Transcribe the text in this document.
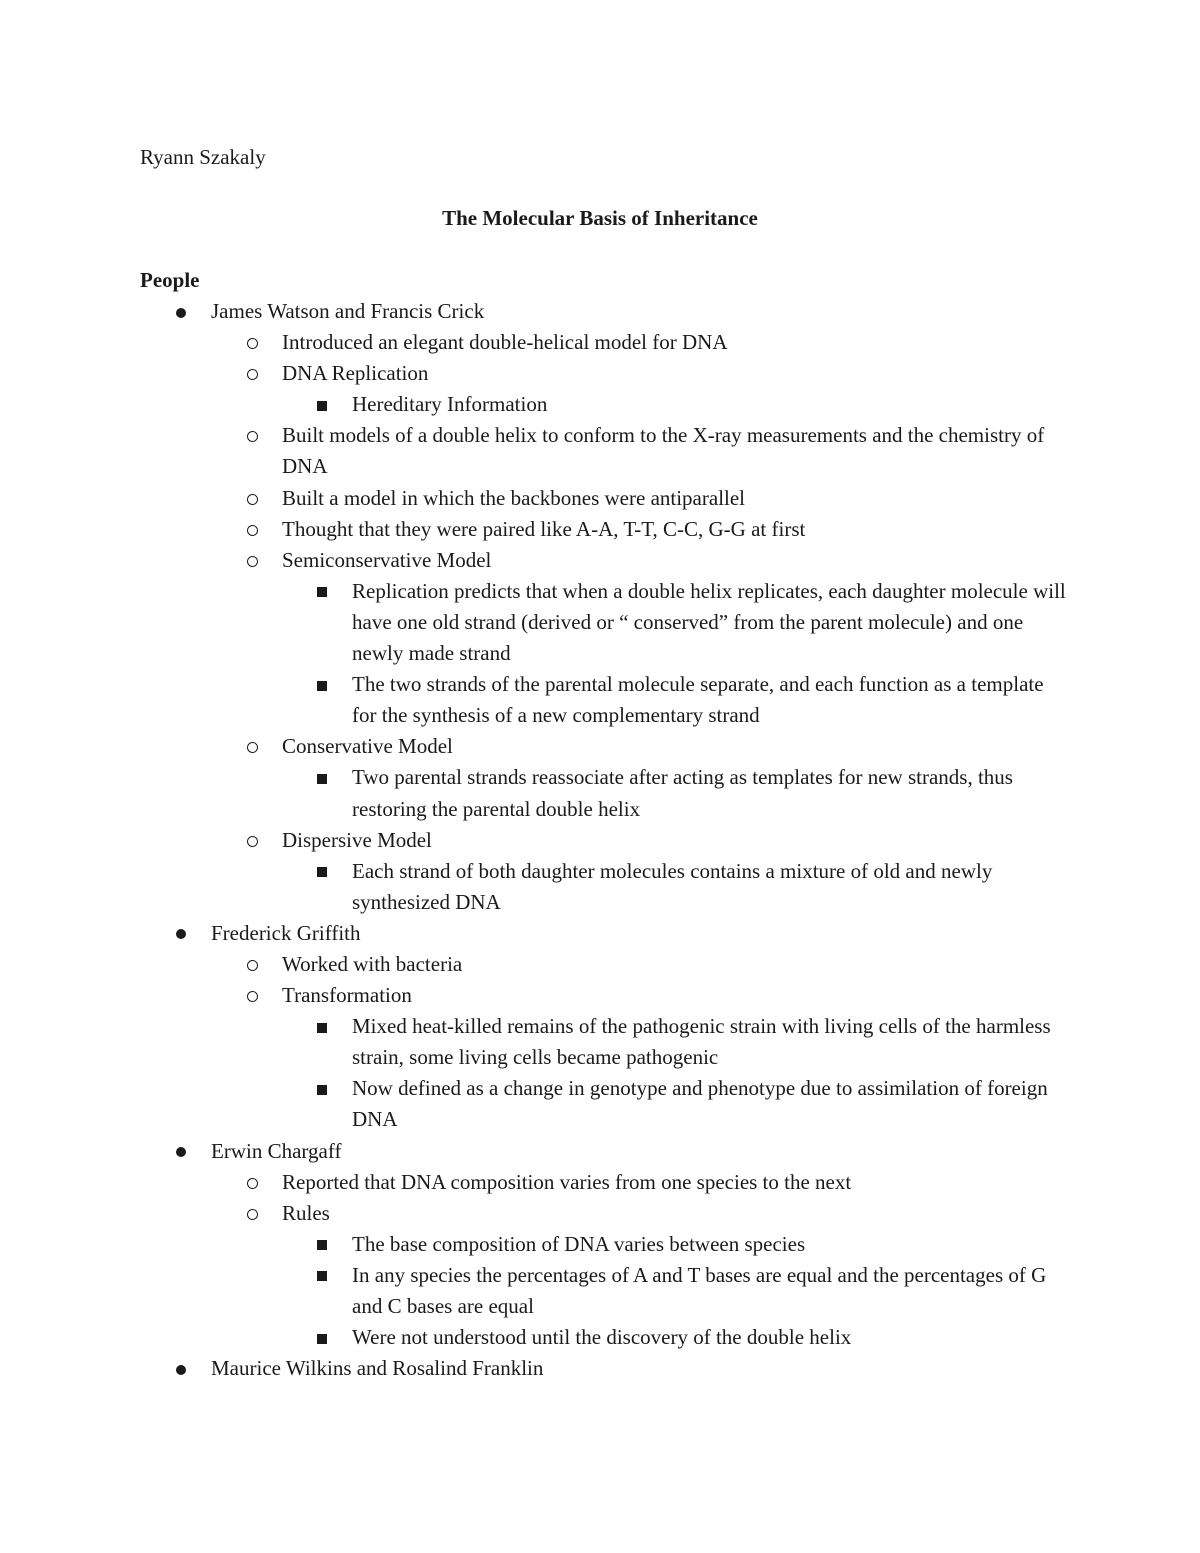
Ryann Szakaly
The Molecular Basis of Inheritance
People
James Watson and Francis Crick
Introduced an elegant double-helical model for DNA
DNA Replication
Hereditary Information
Built models of a double helix to conform to the X-ray measurements and the chemistry of DNA
Built a model in which the backbones were antiparallel
Thought that they were paired like A-A, T-T, C-C, G-G at first
Semiconservative Model
Replication predicts that when a double helix replicates, each daughter molecule will have one old strand (derived or “ conserved” from the parent molecule) and one newly made strand
The two strands of the parental molecule separate, and each function as a template for the synthesis of a new complementary strand
Conservative Model
Two parental strands reassociate after acting as templates for new strands, thus restoring the parental double helix
Dispersive Model
Each strand of both daughter molecules contains a mixture of old and newly synthesized DNA
Frederick Griffith
Worked with bacteria
Transformation
Mixed heat-killed remains of the pathogenic strain with living cells of the harmless strain, some living cells became pathogenic
Now defined as a change in genotype and phenotype due to assimilation of foreign DNA
Erwin Chargaff
Reported that DNA composition varies from one species to the next
Rules
The base composition of DNA varies between species
In any species the percentages of A and T bases are equal and the percentages of G and C bases are equal
Were not understood until the discovery of the double helix
Maurice Wilkins and Rosalind Franklin
